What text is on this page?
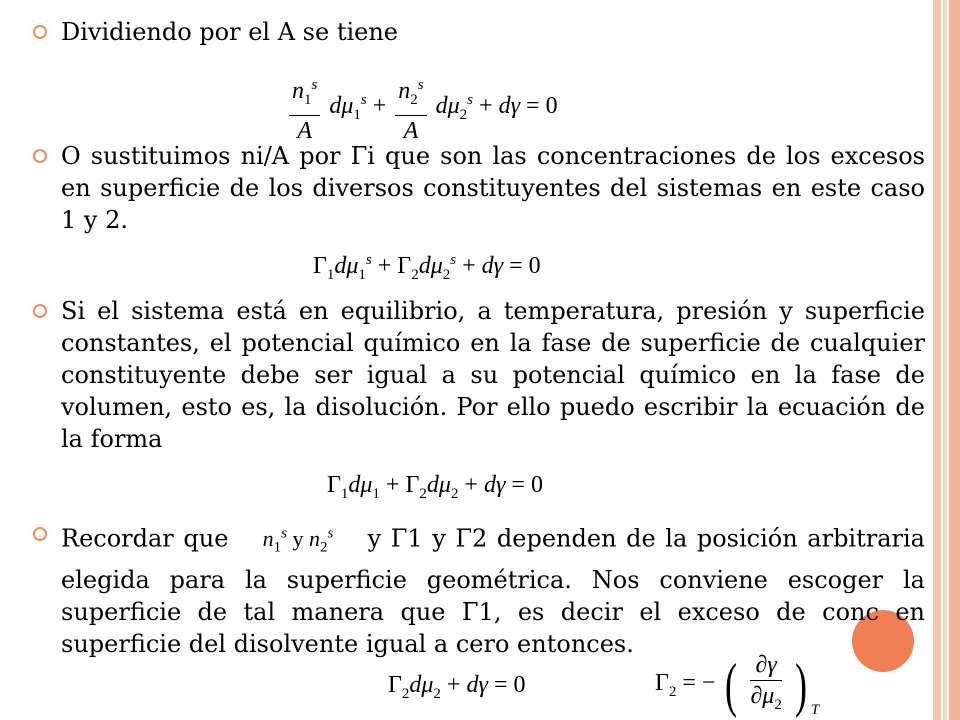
Dividiendo por el A se tiene
$\frac{n_1^s}{A} d\mu_1^s + \frac{n_2^s}{A} d\mu_2^s + d\gamma = 0$
O sustituimos ni/A por Γi que son las concentraciones de los excesos en superficie de los diversos constituyentes del sistemas en este caso 1 y 2.
$\Gamma_1d\mu_1^s + \Gamma_2d\mu_2^s + d\gamma = 0$
Si el sistema está en equilibrio, a temperatura, presión y superficie constantes, el potencial químico en la fase de superficie de cualquier constituyente debe ser igual a su potencial químico en la fase de volumen, esto es, la disolución. Por ello puedo escribir la ecuación de la forma
$\Gamma_1d\mu_1 + \Gamma_2d\mu_2 + d\gamma = 0$
Recordar que $n_1^s$ y $n_2^s$ y Γ1 y Γ2 dependen de la posición arbitraria elegida para la superficie geométrica. Nos conviene escoger la superficie de tal manera que Γ1, es decir el exceso de conc en superficie del disolvente igual a cero entonces.
$\Gamma_2d\mu_2 + d\gamma = 0$	$\Gamma_2$ = − ( $\frac{\partial\gamma}{\partial\mu_2}$ ) T
